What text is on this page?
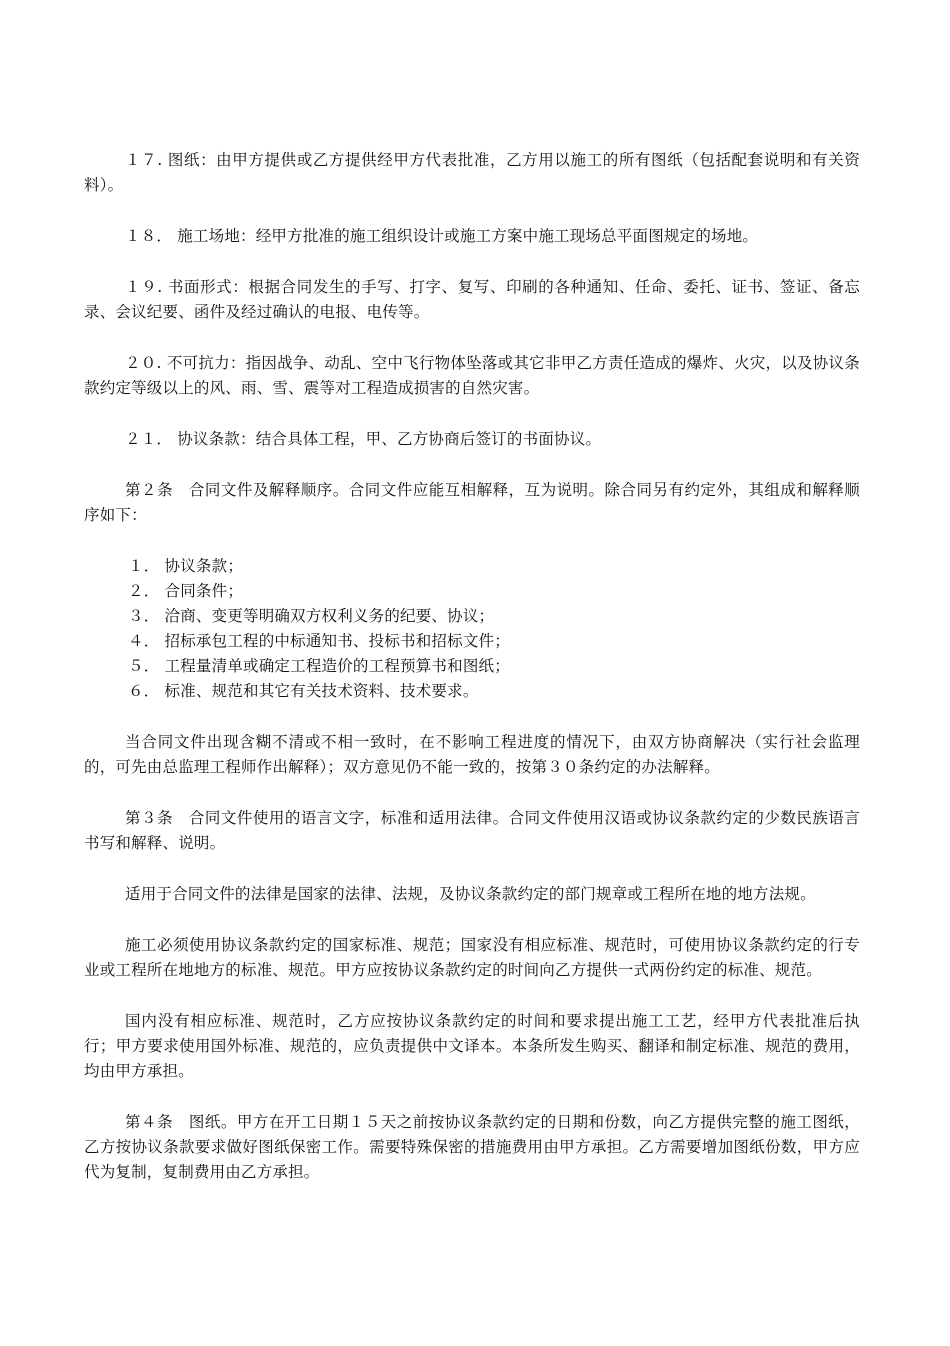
１７. 图纸：由甲方提供或乙方提供经甲方代表批准，乙方用以施工的所有图纸（包括配套说明和有关资料）。

１８． 施工场地：经甲方批准的施工组织设计或施工方案中施工现场总平面图规定的场地。

１９. 书面形式：根据合同发生的手写、打字、复写、印刷的各种通知、任命、委托、证书、签证、备忘录、会议纪要、函件及经过确认的电报、电传等。

２０. 不可抗力：指因战争、动乱、空中飞行物体坠落或其它非甲乙方责任造成的爆炸、火灾，以及协议条款约定等级以上的风、雨、雪、震等对工程造成损害的自然灾害。

２１． 协议条款：结合具体工程，甲、乙方协商后签订的书面协议。

第２条　合同文件及解释顺序。合同文件应能互相解释，互为说明。除合同另有约定外，其组成和解释顺序如下：

１． 协议条款；
２． 合同条件；
３． 洽商、变更等明确双方权利义务的纪要、协议；
４． 招标承包工程的中标通知书、投标书和招标文件；
５． 工程量清单或确定工程造价的工程预算书和图纸；
６． 标准、规范和其它有关技术资料、技术要求。

当合同文件出现含糊不清或不相一致时，在不影响工程进度的情况下，由双方协商解决（实行社会监理的，可先由总监理工程师作出解释）；双方意见仍不能一致的，按第３０条约定的办法解释。

第３条　合同文件使用的语言文字，标准和适用法律。合同文件使用汉语或协议条款约定的少数民族语言书写和解释、说明。

适用于合同文件的法律是国家的法律、法规，及协议条款约定的部门规章或工程所在地的地方法规。

施工必须使用协议条款约定的国家标准、规范；国家没有相应标准、规范时，可使用协议条款约定的行专业或工程所在地地方的标准、规范。甲方应按协议条款约定的时间向乙方提供一式两份约定的标准、规范。

国内没有相应标准、规范时，乙方应按协议条款约定的时间和要求提出施工工艺，经甲方代表批准后执行；甲方要求使用国外标准、规范的，应负责提供中文译本。本条所发生购买、翻译和制定标准、规范的费用，均由甲方承担。

第４条　图纸。甲方在开工日期１５天之前按协议条款约定的日期和份数，向乙方提供完整的施工图纸，乙方按协议条款要求做好图纸保密工作。需要特殊保密的措施费用由甲方承担。乙方需要增加图纸份数，甲方应代为复制，复制费用由乙方承担。
